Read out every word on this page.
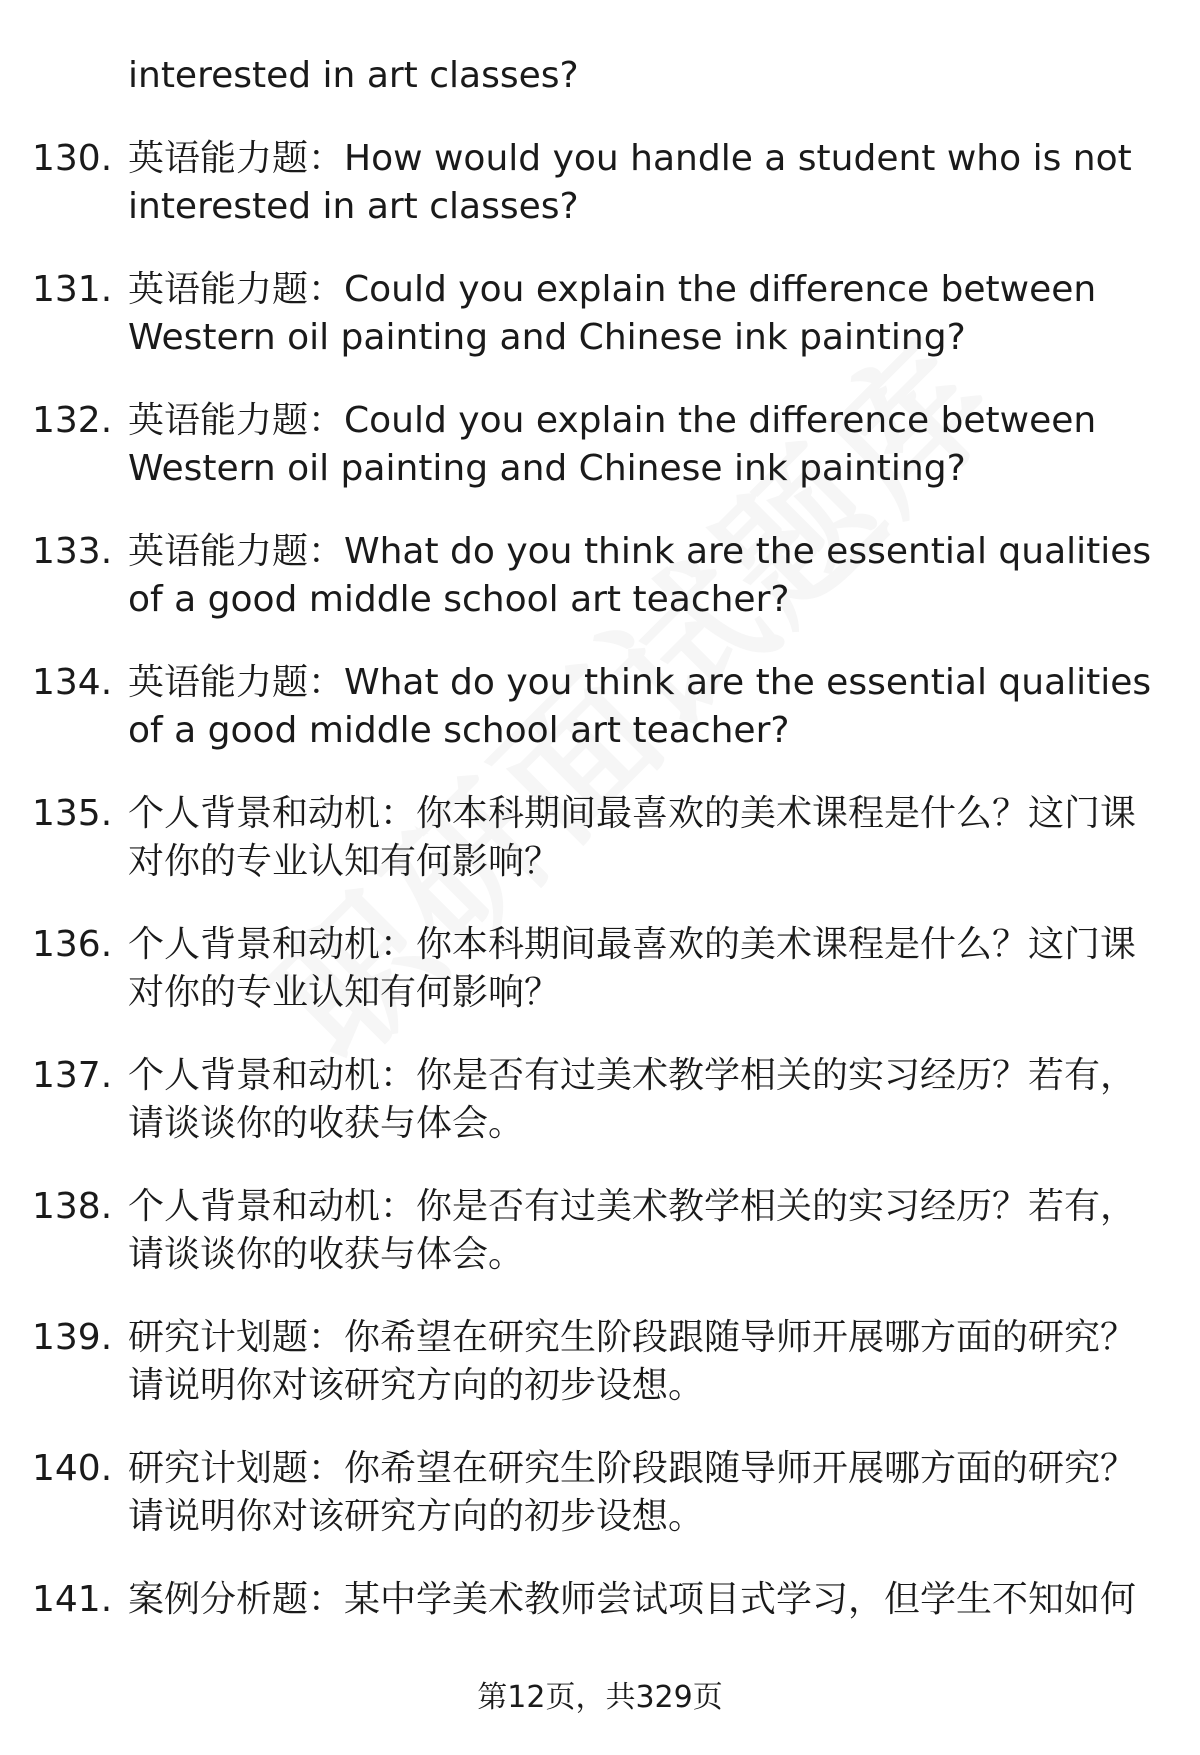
interested in art classes?
130. 英语能力题：How would you handle a student who is not interested in art classes?
131. 英语能力题：Could you explain the difference between Western oil painting and Chinese ink painting?
132. 英语能力题：Could you explain the difference between Western oil painting and Chinese ink painting?
133. 英语能力题：What do you think are the essential qualities of a good middle school art teacher?
134. 英语能力题：What do you think are the essential qualities of a good middle school art teacher?
135. 个人背景和动机：你本科期间最喜欢的美术课程是什么？这门课对你的专业认知有何影响？
136. 个人背景和动机：你本科期间最喜欢的美术课程是什么？这门课对你的专业认知有何影响？
137. 个人背景和动机：你是否有过美术教学相关的实习经历？若有，请谈谈你的收获与体会。
138. 个人背景和动机：你是否有过美术教学相关的实习经历？若有，请谈谈你的收获与体会。
139. 研究计划题：你希望在研究生阶段跟随导师开展哪方面的研究？请说明你对该研究方向的初步设想。
140. 研究计划题：你希望在研究生阶段跟随导师开展哪方面的研究？请说明你对该研究方向的初步设想。
141. 案例分析题：某中学美术教师尝试项目式学习，但学生不知如何
第12页，共329页
